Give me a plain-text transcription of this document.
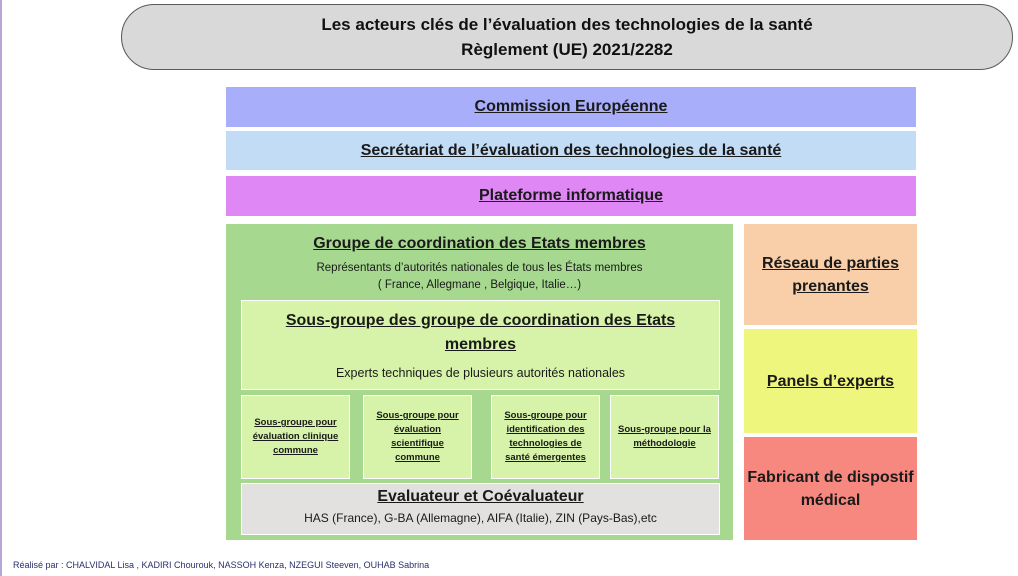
Les acteurs clés de l’évaluation des technologies de la santé
Règlement (UE) 2021/2282
Commission Européenne
Secrétariat de l’évaluation des technologies de la santé
Plateforme informatique
Groupe de coordination des Etats membres
Représentants d’autorités nationales de tous les États membres
( France, Allegmane , Belgique, Italie…)
Sous-groupe des groupe de coordination des Etats membres
Experts techniques de plusieurs autorités nationales
Sous-groupe pour évaluation clinique commune
Sous-groupe pour évaluation scientifique commune
Sous-groupe pour identification des technologies de santé émergentes
Sous-groupe pour la méthodologie
Evaluateur et Coévaluateur
HAS (France), G-BA (Allemagne), AIFA (Italie), ZIN (Pays-Bas),etc
Réseau de parties prenantes
Panels d’experts
Fabricant de dispostif médical
Réalisé par : CHALVIDAL Lisa , KADIRI Chourouk, NASSOH Kenza, NZEGUI Steeven, OUHAB Sabrina
